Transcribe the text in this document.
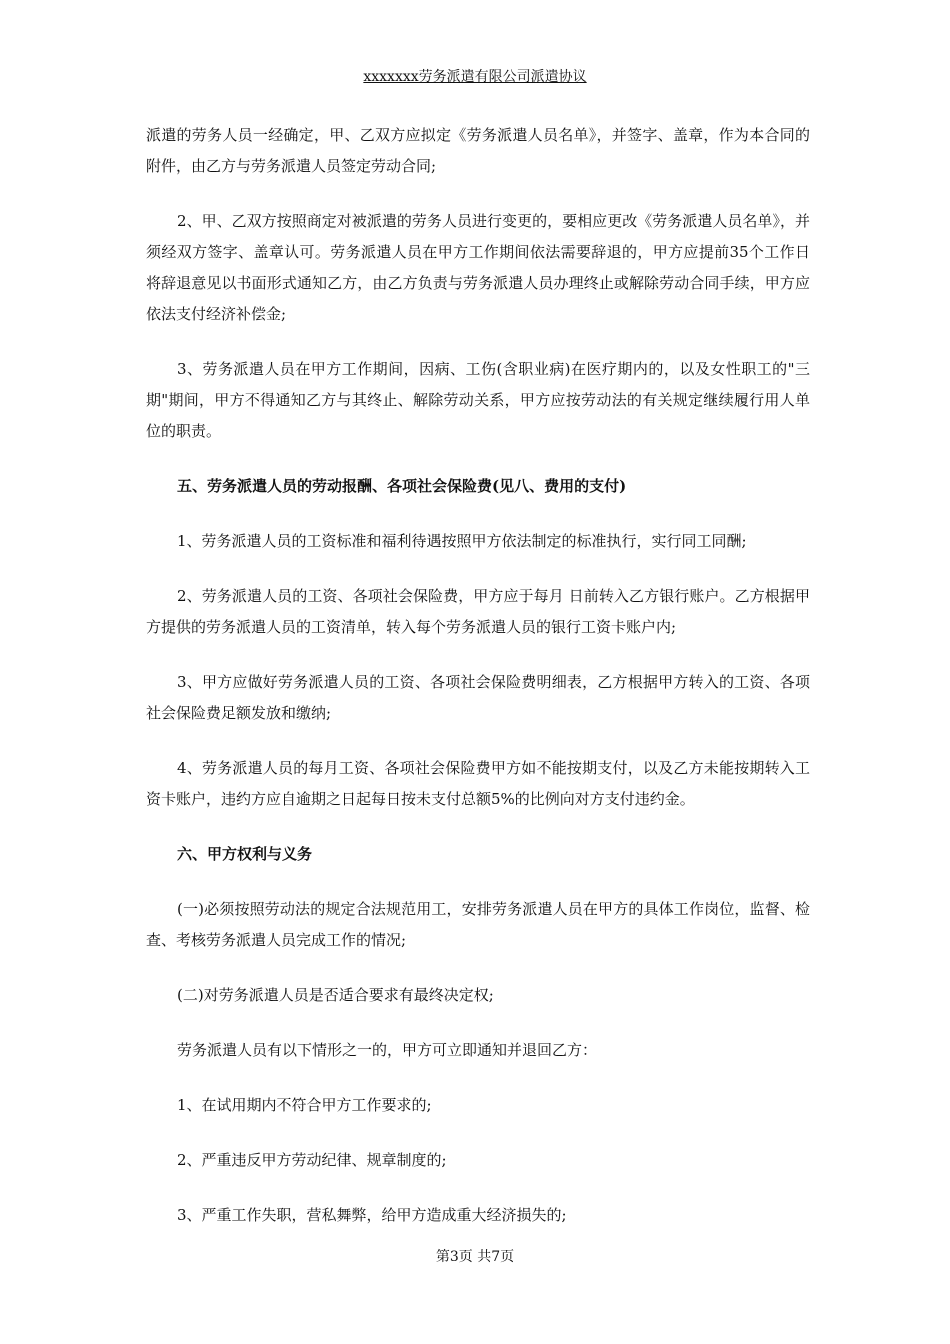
xxxxxxx劳务派遣有限公司派遣协议

派遣的劳务人员一经确定，甲、乙双方应拟定《劳务派遣人员名单》，并签字、盖章，作为本合同的附件，由乙方与劳务派遣人员签定劳动合同;

2、甲、乙双方按照商定对被派遣的劳务人员进行变更的，要相应更改《劳务派遣人员名单》，并须经双方签字、盖章认可。劳务派遣人员在甲方工作期间依法需要辞退的，甲方应提前35个工作日将辞退意见以书面形式通知乙方，由乙方负责与劳务派遣人员办理终止或解除劳动合同手续，甲方应依法支付经济补偿金;

3、劳务派遣人员在甲方工作期间，因病、工伤(含职业病)在医疗期内的，以及女性职工的"三期"期间，甲方不得通知乙方与其终止、解除劳动关系，甲方应按劳动法的有关规定继续履行用人单位的职责。

五、劳务派遣人员的劳动报酬、各项社会保险费(见八、费用的支付)

1、劳务派遣人员的工资标准和福利待遇按照甲方依法制定的标准执行，实行同工同酬;

2、劳务派遣人员的工资、各项社会保险费，甲方应于每月 日前转入乙方银行账户。乙方根据甲方提供的劳务派遣人员的工资清单，转入每个劳务派遣人员的银行工资卡账户内;

3、甲方应做好劳务派遣人员的工资、各项社会保险费明细表，乙方根据甲方转入的工资、各项社会保险费足额发放和缴纳;

4、劳务派遣人员的每月工资、各项社会保险费甲方如不能按期支付，以及乙方未能按期转入工资卡账户，违约方应自逾期之日起每日按未支付总额5%的比例向对方支付违约金。

六、甲方权利与义务

(一)必须按照劳动法的规定合法规范用工，安排劳务派遣人员在甲方的具体工作岗位，监督、检查、考核劳务派遣人员完成工作的情况;

(二)对劳务派遣人员是否适合要求有最终决定权;

劳务派遣人员有以下情形之一的，甲方可立即通知并退回乙方：

1、在试用期内不符合甲方工作要求的;

2、严重违反甲方劳动纪律、规章制度的;

3、严重工作失职，营私舞弊，给甲方造成重大经济损失的;

第3页 共7页
